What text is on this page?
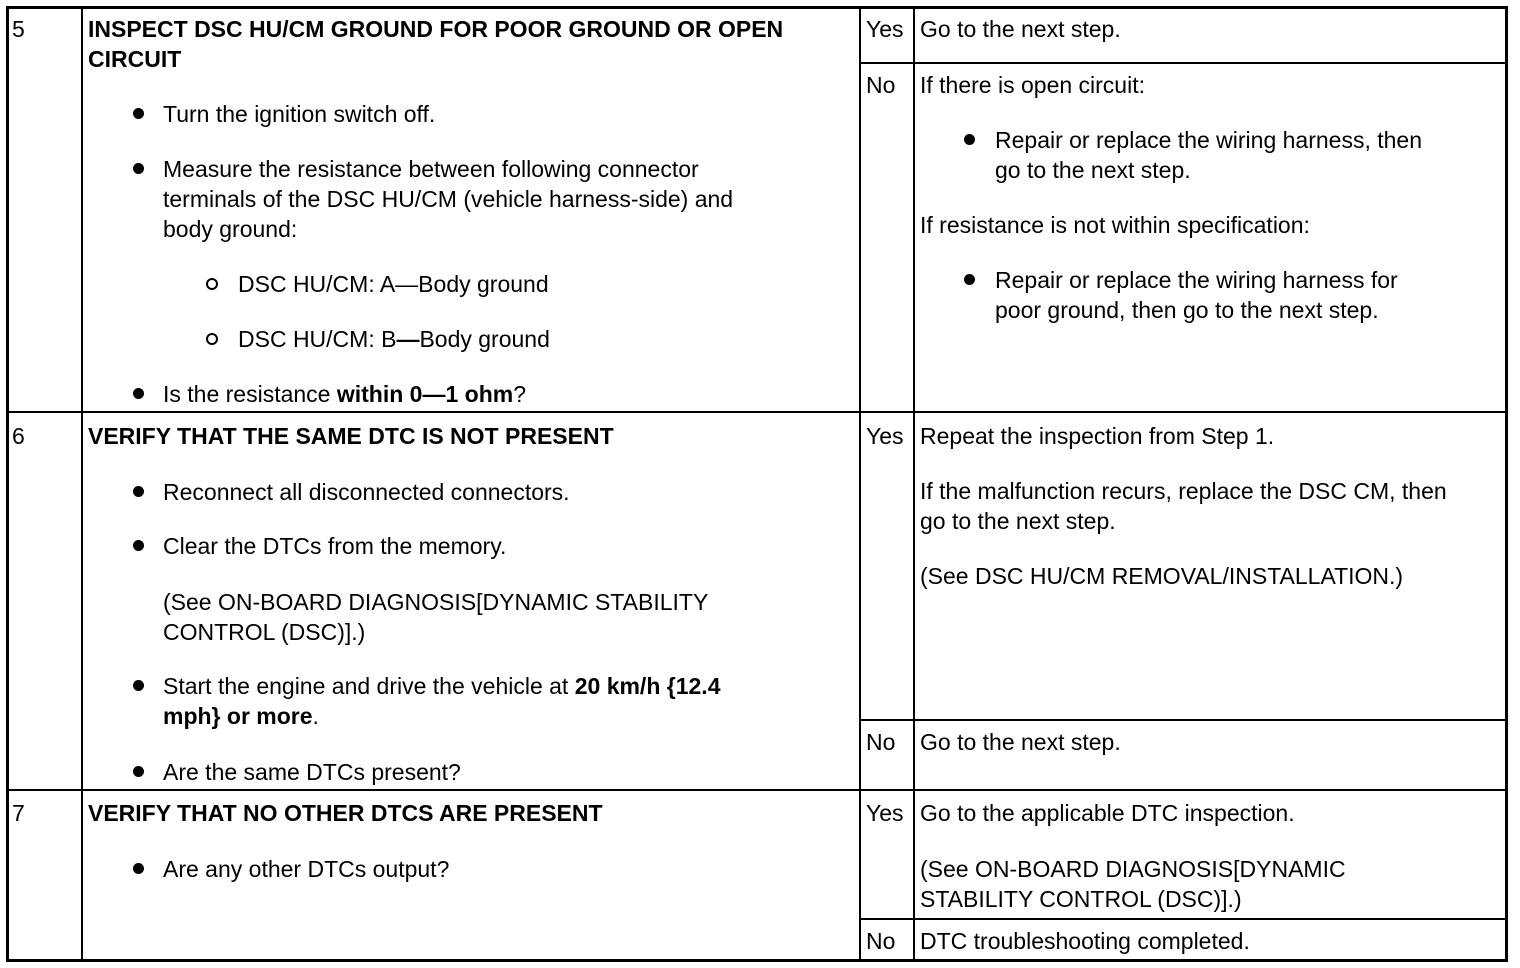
5	INSPECT DSC HU/CM GROUND FOR POOR GROUND OR OPEN
CIRCUIT
Turn the ignition switch off.
Measure the resistance between following connector
terminals of the DSC HU/CM (vehicle harness-side) and
body ground:
DSC HU/CM: A—Body ground
DSC HU/CM: B—Body ground
Is the resistance within 0—1 ohm?
Yes Go to the next step.
No If there is open circuit:
Repair or replace the wiring harness, then
go to the next step.
If resistance is not within specification:
Repair or replace the wiring harness for
poor ground, then go to the next step.
6	VERIFY THAT THE SAME DTC IS NOT PRESENT
Reconnect all disconnected connectors.
Clear the DTCs from the memory.
(See ON-BOARD DIAGNOSIS[DYNAMIC STABILITY
CONTROL (DSC)].)
Start the engine and drive the vehicle at 20 km/h {12.4
mph} or more.
Are the same DTCs present?
Yes Repeat the inspection from Step 1.
If the malfunction recurs, replace the DSC CM, then
go to the next step.
(See DSC HU/CM REMOVAL/INSTALLATION.)
No Go to the next step.
7	VERIFY THAT NO OTHER DTCS ARE PRESENT
Are any other DTCs output?
Yes Go to the applicable DTC inspection.
(See ON-BOARD DIAGNOSIS[DYNAMIC
STABILITY CONTROL (DSC)].)
No DTC troubleshooting completed.
